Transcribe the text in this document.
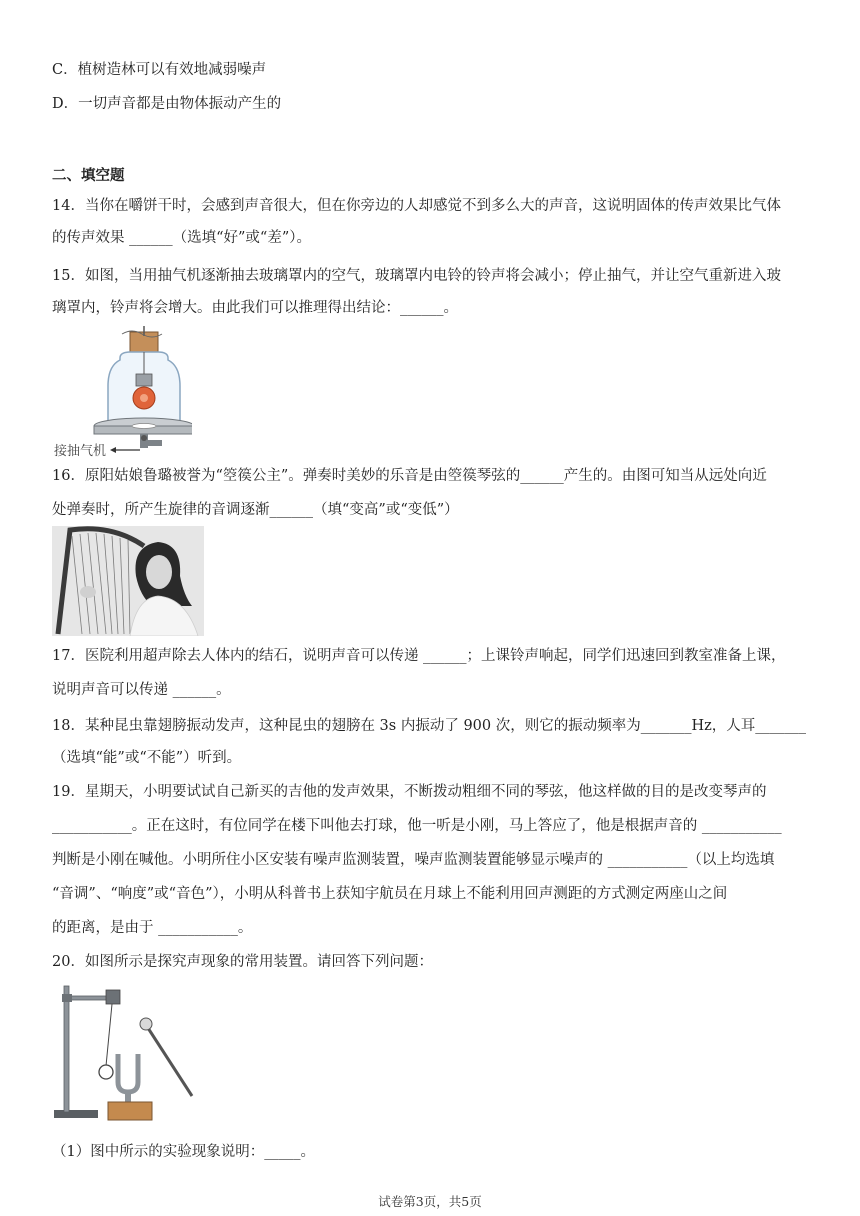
C．植树造林可以有效地减弱噪声
D．一切声音都是由物体振动产生的
二、填空题
14．当你在嚼饼干时，会感到声音很大，但在你旁边的人却感觉不到多么大的声音，这说明固体的传声效果比气体
的传声效果 ______（选填“好”或“差”）。
15．如图，当用抽气机逐渐抽去玻璃罩内的空气，玻璃罩内电铃的铃声将会减小；停止抽气，并让空气重新进入玻
璃罩内，铃声将会增大。由此我们可以推理得出结论：______。
接抽气机
16．原阳姑娘鲁璐被誉为“箜篌公主”。弹奏时美妙的乐音是由箜篌琴弦的______产生的。由图可知当从远处向近
处弹奏时，所产生旋律的音调逐渐______（填“变高”或“变低”）
17．医院利用超声除去人体内的结石，说明声音可以传递 ______；上课铃声响起，同学们迅速回到教室准备上课，
说明声音可以传递 ______。
18．某种昆虫靠翅膀振动发声，这种昆虫的翅膀在 3s 内振动了 900 次，则它的振动频率为_______Hz，人耳_______
（选填“能”或“不能”）听到。
19．星期天，小明要试试自己新买的吉他的发声效果，不断拨动粗细不同的琴弦，他这样做的目的是改变琴声的
___________。正在这时，有位同学在楼下叫他去打球，他一听是小刚，马上答应了，他是根据声音的 ___________
判断是小刚在喊他。小明所住小区安装有噪声监测装置，噪声监测装置能够显示噪声的 ___________（以上均选填
“音调”、“响度”或“音色”），小明从科普书上获知宇航员在月球上不能利用回声测距的方式测定两座山之间
的距离，是由于 ___________。
20．如图所示是探究声现象的常用装置。请回答下列问题：
（1）图中所示的实验现象说明：_____。
试卷第3页，共5页
